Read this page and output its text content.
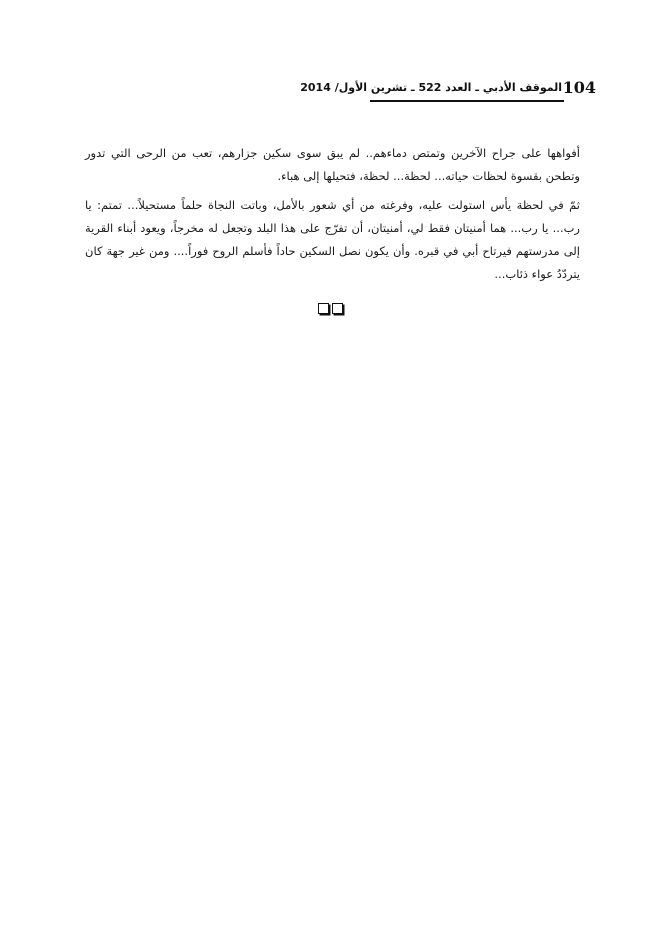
104
الموقف الأدبي ـ العدد 522 ـ تشرين الأول/ 2014

أفواهها على جراح الآخرين وتمتص دماءهم.. لم يبق سوى سكين جزارهم، تعب من الرحى التي تدور وتطحن بقسوة لحظات حياته... لحظة... لحظة، فتحيلها إلى هباء.

ثمّ في لحظة يأس استولت عليه، وفرغته من أي شعور بالأمل، وباتت النجاة حلماً مستحيلاً... تمتم: يا رب... يا رب... هما أمنيتان فقط لي، أمنيتان، أن تفرّج على هذا البلد وتجعل له مخرجاً، ويعود أبناء القرية إلى مدرستهم فيرتاح أبي في قبره. وأن يكون نصل السكين حاداً فأسلم الروح فوراً.... ومن غير جهة كان يتردّدُ عواء ذئاب...
